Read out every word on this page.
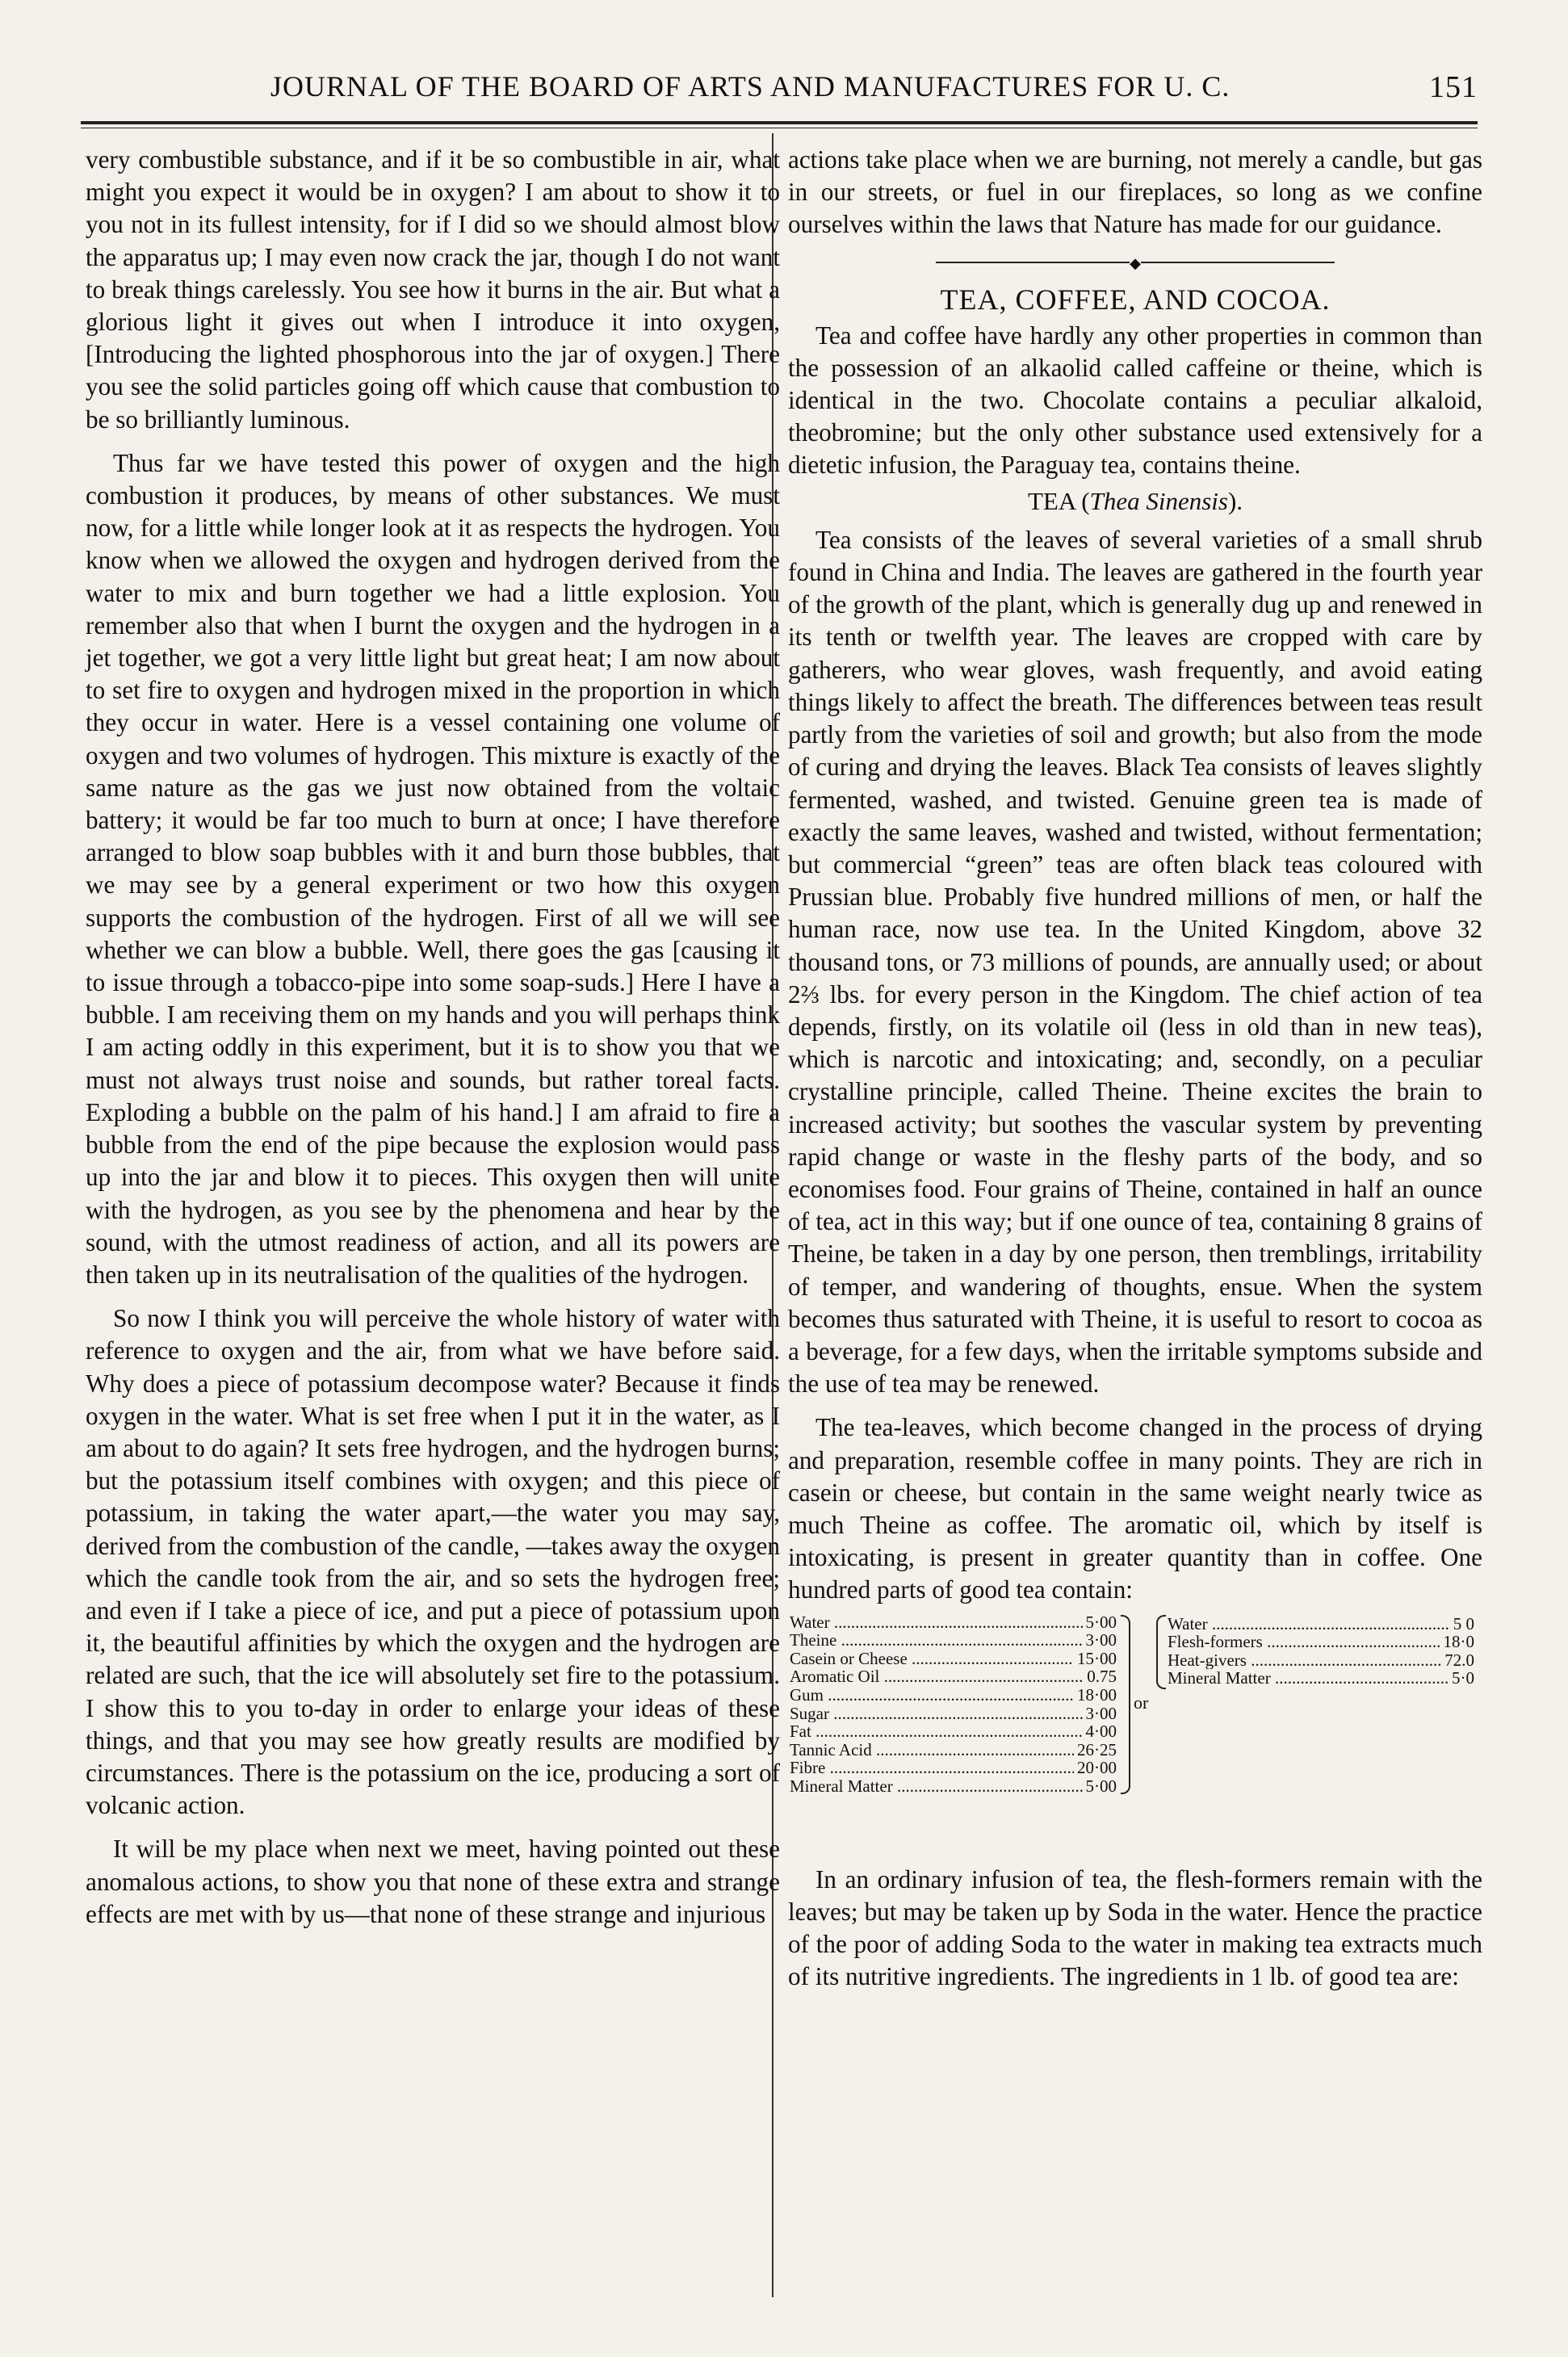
JOURNAL OF THE BOARD OF ARTS AND MANUFACTURES FOR U. C.	151

very combustible substance, and if it be so combustible in air, what might you expect it would be in oxygen? I am about to show it to you not in its fullest intensity, for if I did so we should almost blow the apparatus up; I may even now crack the jar, though I do not want to break things carelessly. You see how it burns in the air. But what a glorious light it gives out when I introduce it into oxygen, [Introducing the lighted phosphorous into the jar of oxygen.] There you see the solid particles going off which cause that combustion to be so brilliantly luminous.

Thus far we have tested this power of oxygen and the high combustion it produces, by means of other substances. We must now, for a little while longer look at it as respects the hydrogen. You know when we allowed the oxygen and hydrogen derived from the water to mix and burn together we had a little explosion. You remember also that when I burnt the oxygen and the hydrogen in a jet together, we got a very little light but great heat; I am now about to set fire to oxygen and hydrogen mixed in the proportion in which they occur in water. Here is a vessel containing one volume of oxygen and two volumes of hydrogen. This mixture is exactly of the same nature as the gas we just now obtained from the voltaic battery; it would be far too much to burn at once; I have therefore arranged to blow soap bubbles with it and burn those bubbles, that we may see by a general experiment or two how this oxygen supports the combustion of the hydrogen. First of all we will see whether we can blow a bubble. Well, there goes the gas [causing it to issue through a tobacco-pipe into some soap-suds.] Here I have a bubble. I am receiving them on my hands and you will perhaps think I am acting oddly in this experiment, but it is to show you that we must not always trust noise and sounds, but rather toreal facts. Exploding a bubble on the palm of his hand.] I am afraid to fire a bubble from the end of the pipe because the explosion would pass up into the jar and blow it to pieces. This oxygen then will unite with the hydrogen, as you see by the phenomena and hear by the sound, with the utmost readiness of action, and all its powers are then taken up in its neutralisation of the qualities of the hydrogen.

So now I think you will perceive the whole history of water with reference to oxygen and the air, from what we have before said. Why does a piece of potassium decompose water? Because it finds oxygen in the water. What is set free when I put it in the water, as I am about to do again? It sets free hydrogen, and the hydrogen burns; but the potassium itself combines with oxygen; and this piece of potassium, in taking the water apart,—the water you may say, derived from the combustion of the candle, —takes away the oxygen which the candle took from the air, and so sets the hydrogen free; and even if I take a piece of ice, and put a piece of potassium upon it, the beautiful affinities by which the oxygen and the hydrogen are related are such, that the ice will absolutely set fire to the potassium. I show this to you to-day in order to enlarge your ideas of these things, and that you may see how greatly results are modified by circumstances. There is the potassium on the ice, producing a sort of volcanic action.

It will be my place when next we meet, having pointed out these anomalous actions, to show you that none of these extra and strange effects are met with by us—that none of these strange and injurious

actions take place when we are burning, not merely a candle, but gas in our streets, or fuel in our fireplaces, so long as we confine ourselves within the laws that Nature has made for our guidance.

◆
TEA, COFFEE, AND COCOA.

Tea and coffee have hardly any other properties in common than the possession of an alkaolid called caffeine or theine, which is identical in the two. Chocolate contains a peculiar alkaloid, theobromine; but the only other substance used extensively for a dietetic infusion, the Paraguay tea, contains theine.

TEA (Thea Sinensis).

Tea consists of the leaves of several varieties of a small shrub found in China and India. The leaves are gathered in the fourth year of the growth of the plant, which is generally dug up and renewed in its tenth or twelfth year. The leaves are cropped with care by gatherers, who wear gloves, wash frequently, and avoid eating things likely to affect the breath. The differences between teas result partly from the varieties of soil and growth; but also from the mode of curing and drying the leaves. Black Tea consists of leaves slightly fermented, washed, and twisted. Genuine green tea is made of exactly the same leaves, washed and twisted, without fermentation; but commercial “green” teas are often black teas coloured with Prussian blue. Probably five hundred millions of men, or half the human race, now use tea. In the United Kingdom, above 32 thousand tons, or 73 millions of pounds, are annually used; or about 2⅔ lbs. for every person in the Kingdom. The chief action of tea depends, firstly, on its volatile oil (less in old than in new teas), which is narcotic and intoxicating; and, secondly, on a peculiar crystalline principle, called Theine. Theine excites the brain to increased activity; but soothes the vascular system by preventing rapid change or waste in the fleshy parts of the body, and so economises food. Four grains of Theine, contained in half an ounce of tea, act in this way; but if one ounce of tea, containing 8 grains of Theine, be taken in a day by one person, then tremblings, irritability of temper, and wandering of thoughts, ensue. When the system becomes thus saturated with Theine, it is useful to resort to cocoa as a beverage, for a few days, when the irritable symptoms subside and the use of tea may be renewed.

The tea-leaves, which become changed in the process of drying and preparation, resemble coffee in many points. They are rich in casein or cheese, but contain in the same weight nearly twice as much Theine as coffee. The aromatic oil, which by itself is intoxicating, is present in greater quantity than in coffee. One hundred parts of good tea contain:

Water .....	5·00
Theine .....	3·00
Casein or Cheese .....	15·00
Aromatic Oil .....	0.75
Gum .....	18·00
Sugar .....	3·00
Fat .....	4·00
Tannic Acid .....	26·25
Fibre .....	20·00
Mineral Matter .....	5·00
or
Water .....	5 0
Flesh-formers .....	18·0
Heat-givers .....	72.0
Mineral Matter .....	5·0

In an ordinary infusion of tea, the flesh-formers remain with the leaves; but may be taken up by Soda in the water. Hence the practice of the poor of adding Soda to the water in making tea extracts much of its nutritive ingredients. The ingredients in 1 lb. of good tea are:
